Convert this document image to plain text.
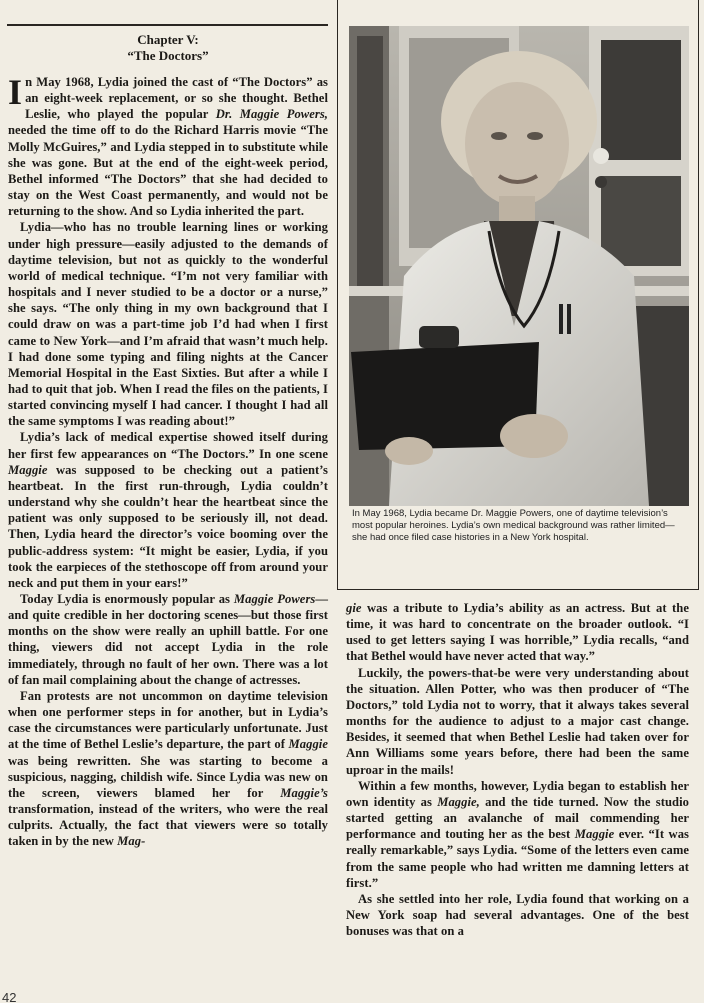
Chapter V:
“The Doctors”

In May 1968, Lydia joined the cast of “The Doctors” as an eight-week replacement, or so she thought. Bethel Leslie, who played the popular Dr. Maggie Powers, needed the time off to do the Richard Harris movie “The Molly McGuires,” and Lydia stepped in to substitute while she was gone. But at the end of the eight-week period, Bethel informed “The Doctors” that she had decided to stay on the West Coast permanently, and would not be returning to the show. And so Lydia inherited the part.

Lydia—who has no trouble learning lines or working under high pressure—easily adjusted to the demands of daytime television, but not as quickly to the wonderful world of medical technique. “I’m not very familiar with hospitals and I never studied to be a doctor or a nurse,” she says. “The only thing in my own background that I could draw on was a part-time job I’d had when I first came to New York—and I’m afraid that wasn’t much help. I had done some typing and filing nights at the Cancer Memorial Hospital in the East Sixties. But after a while I had to quit that job. When I read the files on the patients, I started convincing myself I had cancer. I thought I had all the same symptoms I was reading about!”

Lydia’s lack of medical expertise showed itself during her first few appearances on “The Doctors.” In one scene Maggie was supposed to be checking out a patient’s heartbeat. In the first run-through, Lydia couldn’t understand why she couldn’t hear the heartbeat since the patient was only supposed to be seriously ill, not dead. Then, Lydia heard the director’s voice booming over the public-address system: “It might be easier, Lydia, if you took the earpieces of the stethoscope off from around your neck and put them in your ears!”

Today Lydia is enormously popular as Maggie Powers—and quite credible in her doctoring scenes—but those first months on the show were really an uphill battle. For one thing, viewers did not accept Lydia in the role immediately, through no fault of her own. There was a lot of fan mail complaining about the change of actresses.

Fan protests are not uncommon on daytime television when one performer steps in for another, but in Lydia’s case the circumstances were particularly unfortunate. Just at the time of Bethel Leslie’s departure, the part of Maggie was being rewritten. She was starting to become a suspicious, nagging, childish wife. Since Lydia was new on the screen, viewers blamed her for Maggie’s transformation, instead of the writers, who were the real culprits. Actually, the fact that viewers were so totally taken in by the new Mag-

In May 1968, Lydia became Dr. Maggie Powers, one of daytime television’s most popular heroines. Lydia’s own medical background was rather limited—she had once filed case histories in a New York hospital.

gie was a tribute to Lydia’s ability as an actress. But at the time, it was hard to concentrate on the broader outlook. “I used to get letters saying I was horrible,” Lydia recalls, “and that Bethel would have never acted that way.”

Luckily, the powers-that-be were very understanding about the situation. Allen Potter, who was then producer of “The Doctors,” told Lydia not to worry, that it always takes several months for the audience to adjust to a major cast change. Besides, it seemed that when Bethel Leslie had taken over for Ann Williams some years before, there had been the same uproar in the mails!

Within a few months, however, Lydia began to establish her own identity as Maggie, and the tide turned. Now the studio started getting an avalanche of mail commending her performance and touting her as the best Maggie ever. “It was really remarkable,” says Lydia. “Some of the letters even came from the same people who had written me damning letters at first.”

As she settled into her role, Lydia found that working on a New York soap had several advantages. One of the best bonuses was that on a

42
